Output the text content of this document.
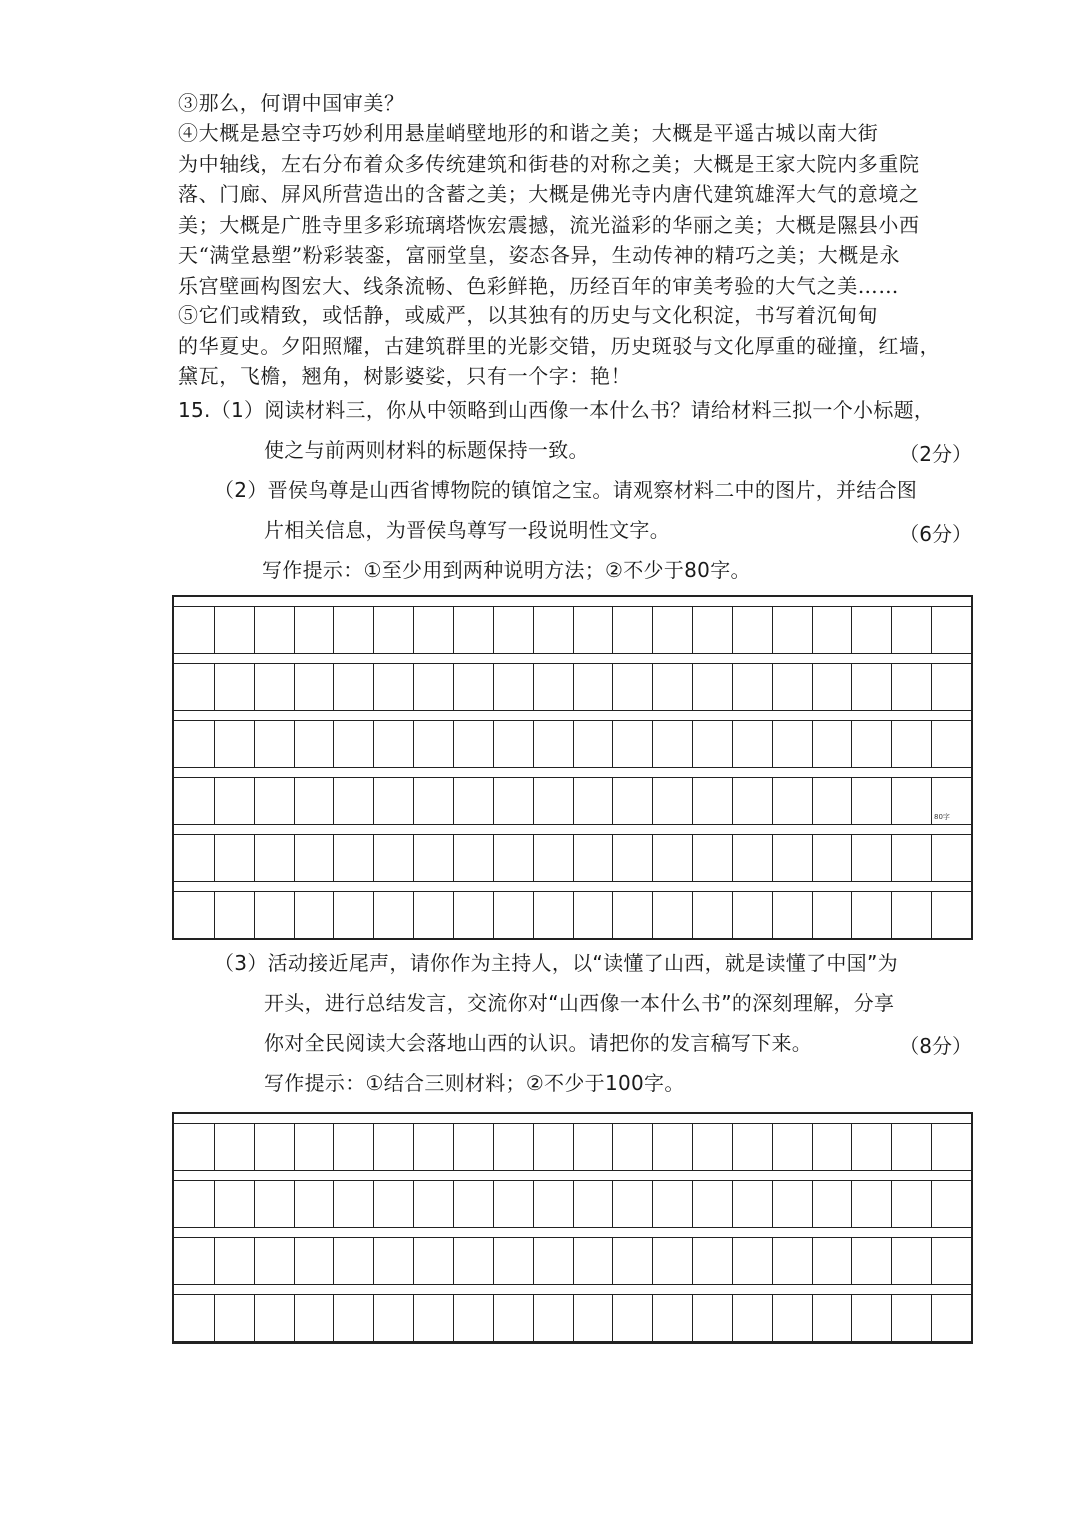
③那么，何谓中国审美？
④大概是悬空寺巧妙利用悬崖峭壁地形的和谐之美；大概是平遥古城以南大街
为中轴线，左右分布着众多传统建筑和街巷的对称之美；大概是王家大院内多重院
落、门廊、屏风所营造出的含蓄之美；大概是佛光寺内唐代建筑雄浑大气的意境之
美；大概是广胜寺里多彩琉璃塔恢宏震撼，流光溢彩的华丽之美；大概是隰县小西
天“满堂悬塑”粉彩装銮，富丽堂皇，姿态各异，生动传神的精巧之美；大概是永
乐宫壁画构图宏大、线条流畅、色彩鲜艳，历经百年的审美考验的大气之美……
⑤它们或精致，或恬静，或威严，以其独有的历史与文化积淀，书写着沉甸甸
的华夏史。夕阳照耀，古建筑群里的光影交错，历史斑驳与文化厚重的碰撞，红墙，
黛瓦，飞檐，翘角，树影婆娑，只有一个字：艳！
15.（1）阅读材料三，你从中领略到山西像一本什么书？请给材料三拟一个小标题，
使之与前两则材料的标题保持一致。	（2分）
（2）晋侯鸟尊是山西省博物院的镇馆之宝。请观察材料二中的图片，并结合图
片相关信息，为晋侯鸟尊写一段说明性文字。	（6分）
写作提示：①至少用到两种说明方法；②不少于80字。
80字
（3）活动接近尾声，请你作为主持人，以“读懂了山西，就是读懂了中国”为
开头，进行总结发言，交流你对“山西像一本什么书”的深刻理解，分享
你对全民阅读大会落地山西的认识。请把你的发言稿写下来。	（8分）
写作提示：①结合三则材料；②不少于100字。
